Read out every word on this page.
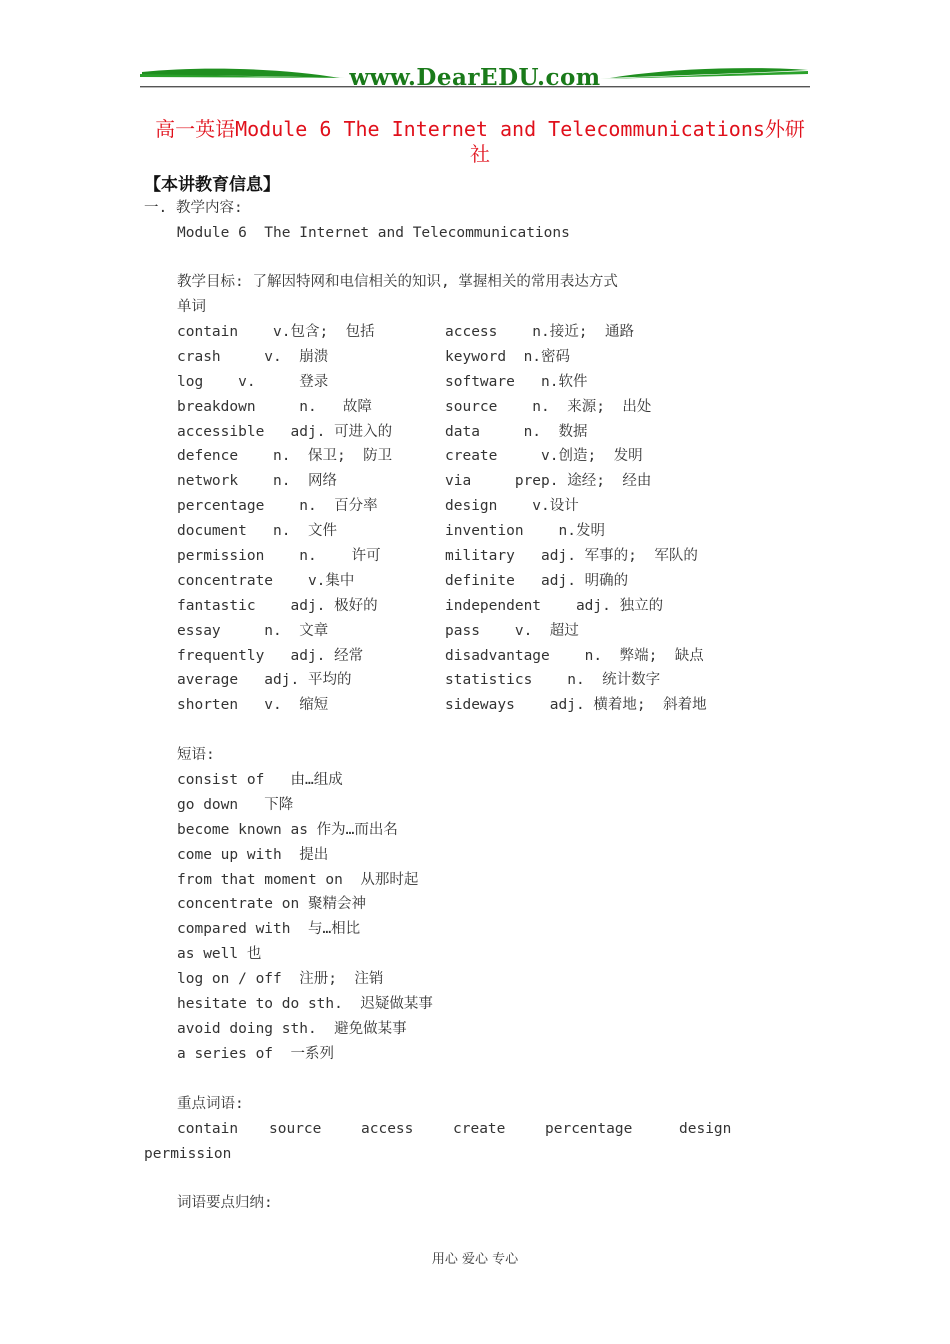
www.DearEDU.com
高一英语Module 6 The Internet and Telecommunications外研社
【本讲教育信息】
一. 教学内容:
Module 6  The Internet and Telecommunications
教学目标: 了解因特网和电信相关的知识, 掌握相关的常用表达方式
单词
contain    v.包含;  包括	access    n.接近;  通路
crash     v.  崩溃	keyword  n.密码
log    v.     登录	software   n.软件
breakdown     n.   故障	source    n.  来源;  出处
accessible   adj. 可进入的	data     n.  数据
defence    n.  保卫;  防卫	create     v.创造;  发明
network    n.  网络	via     prep. 途经;  经由
percentage    n.  百分率	design    v.设计
document   n.  文件	invention    n.发明
permission    n.    许可	military   adj. 军事的;  军队的
concentrate    v.集中	definite   adj. 明确的
fantastic    adj. 极好的	independent    adj. 独立的
essay     n.  文章	pass    v.  超过
frequently   adj. 经常	disadvantage    n.  弊端;  缺点
average   adj. 平均的	statistics    n.  统计数字
shorten   v.  缩短	sideways    adj. 横着地;  斜着地
短语:
consist of   由…组成
go down   下降
become known as 作为…而出名
come up with  提出
from that moment on  从那时起
concentrate on 聚精会神
compared with  与…相比
as well 也
log on / off  注册;  注销
hesitate to do sth.  迟疑做某事
avoid doing sth.  避免做某事
a series of  一系列
重点词语:
contain source	access	create	percentage	design
permission
词语要点归纳:
用心 爱心 专心
